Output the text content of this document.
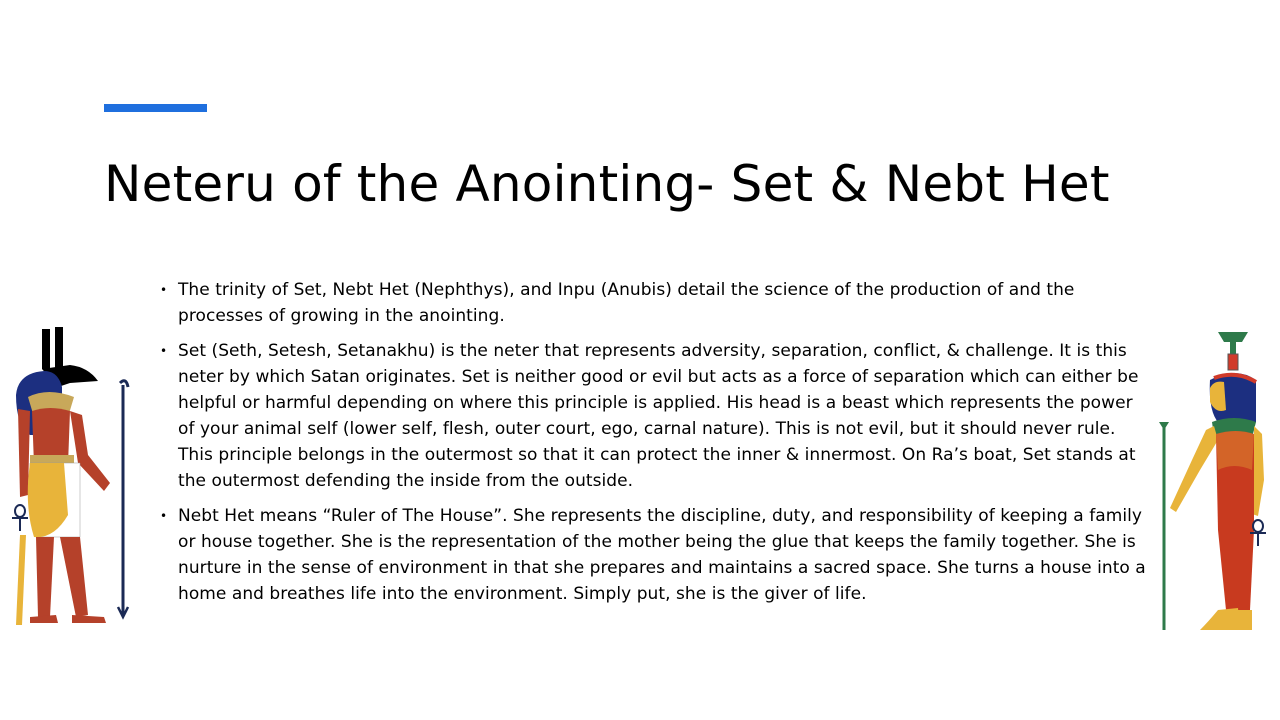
Neteru of the Anointing- Set & Nebt Het
• The trinity of Set, Nebt Het (Nephthys), and Inpu (Anubis) detail the science of the production of and the processes of growing in the anointing.
• Set (Seth, Setesh, Setanakhu) is the neter that represents adversity, separation, conflict, & challenge. It is this neter by which Satan originates. Set is neither good or evil but acts as a force of separation which can either be helpful or harmful depending on where this principle is applied. His head is a beast which represents the power of your animal self (lower self, flesh, outer court, ego, carnal nature). This is not evil, but it should never rule. This principle belongs in the outermost so that it can protect the inner & innermost. On Ra’s boat, Set stands at the outermost defending the inside from the outside.
• Nebt Het means “Ruler of The House”. She represents the discipline, duty, and responsibility of keeping a family or house together. She is the representation of the mother being the glue that keeps the family together. She is nurture in the sense of environment in that she prepares and maintains a sacred space. She turns a house into a home and breathes life into the environment. Simply put, she is the giver of life.
